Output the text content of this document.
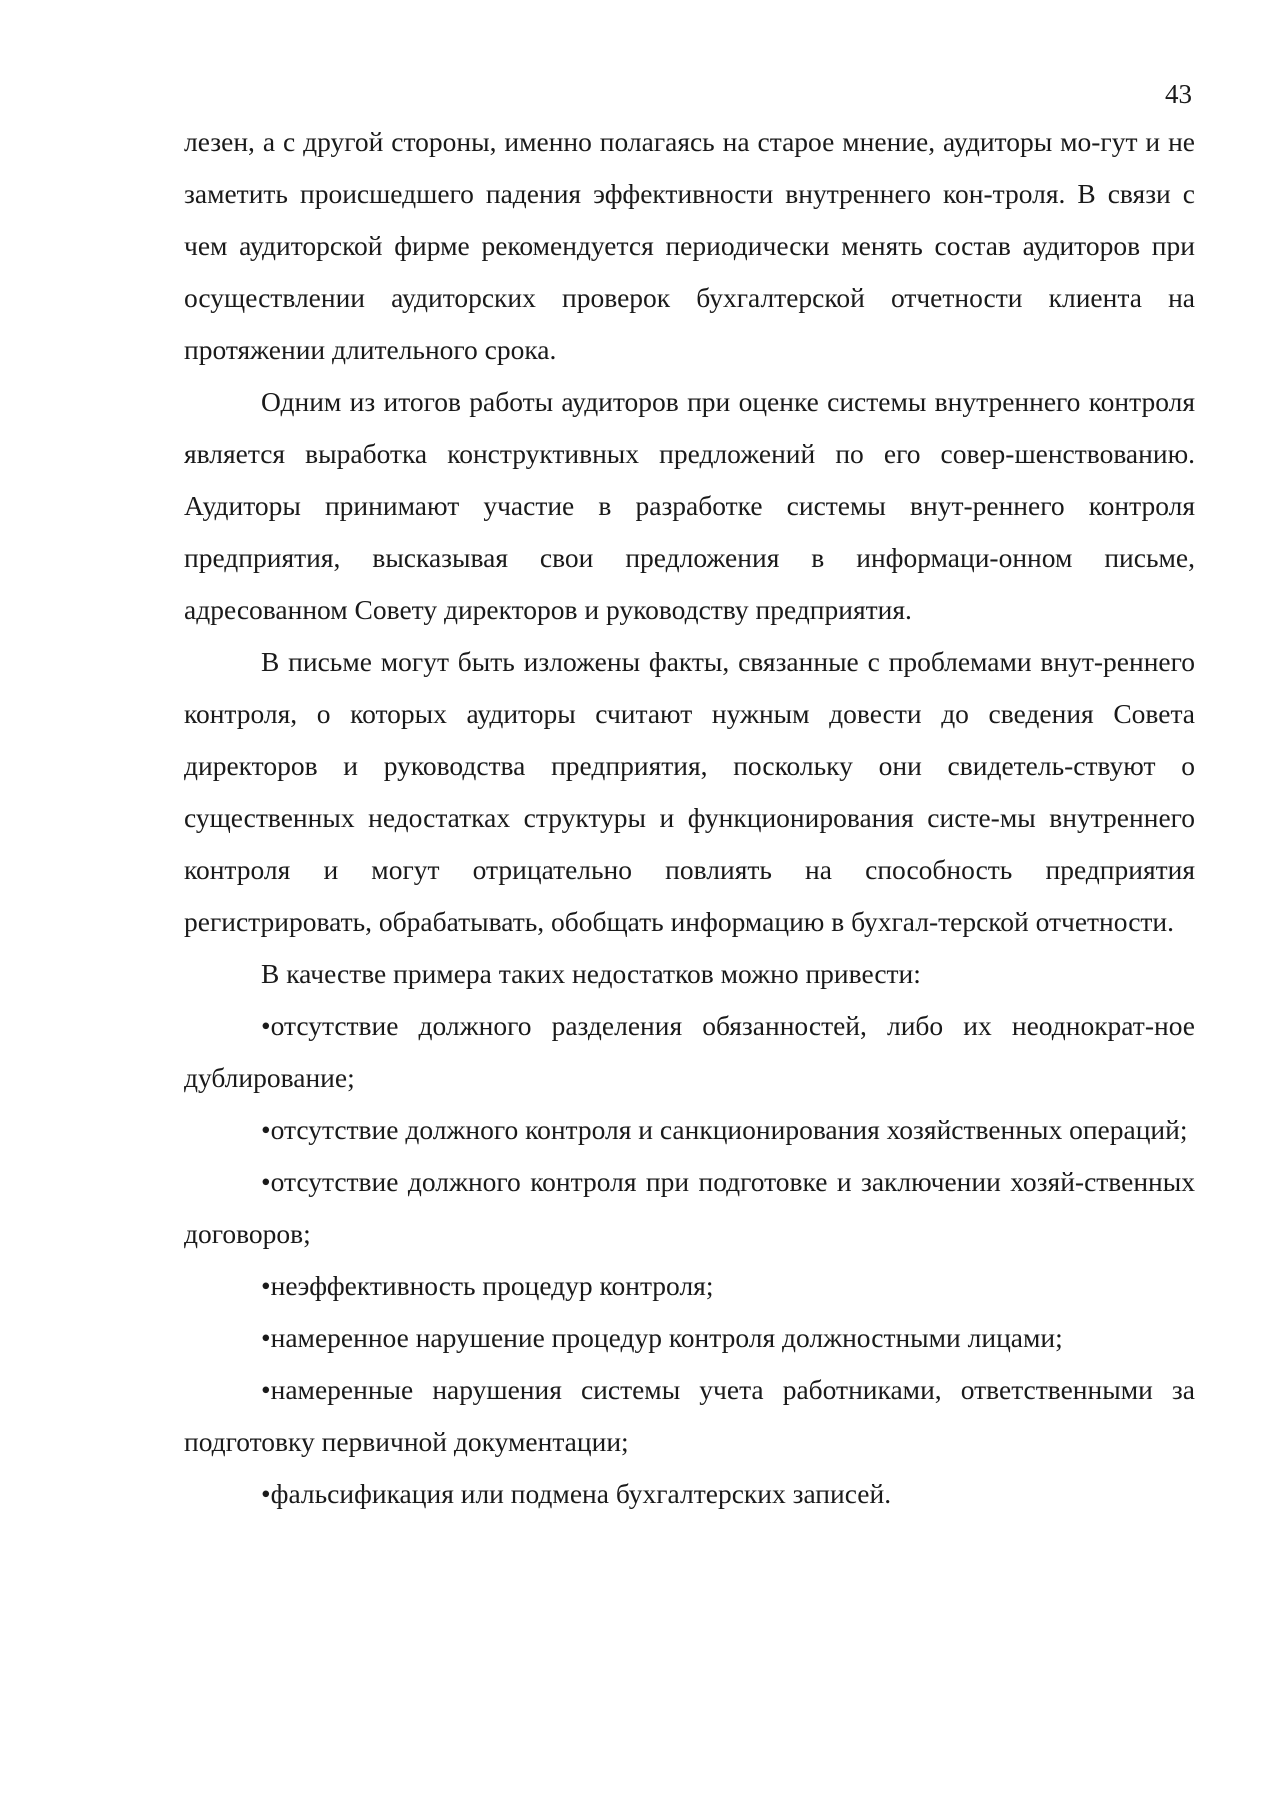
43

лезен, а с другой стороны, именно полагаясь на старое мнение, аудиторы мо-гут и не заметить происшедшего падения эффективности внутреннего кон-троля. В связи с чем аудиторской фирме рекомендуется периодически менять состав аудиторов при осуществлении аудиторских проверок бухгалтерской отчетности клиента на протяжении длительного срока.

Одним из итогов работы аудиторов при оценке системы внутреннего контроля является выработка конструктивных предложений по его совер-шенствованию. Аудиторы принимают участие в разработке системы внут-реннего контроля предприятия, высказывая свои предложения в информаци-онном письме, адресованном Совету директоров и руководству предприятия.

В письме могут быть изложены факты, связанные с проблемами внут-реннего контроля, о которых аудиторы считают нужным довести до сведения Совета директоров и руководства предприятия, поскольку они свидетель-ствуют о существенных недостатках структуры и функционирования систе-мы внутреннего контроля и могут отрицательно повлиять на способность предприятия регистрировать, обрабатывать, обобщать информацию в бухгал-терской отчетности.

В качестве примера таких недостатков можно привести:

•отсутствие должного разделения обязанностей, либо их неоднократ-ное дублирование;

•отсутствие должного контроля и санкционирования хозяйственных операций;

•отсутствие должного контроля при подготовке и заключении хозяй-ственных договоров;

•неэффективность процедур контроля;

•намеренное нарушение процедур контроля должностными лицами;

•намеренные нарушения системы учета работниками, ответственными за подготовку первичной документации;

•фальсификация или подмена бухгалтерских записей.
